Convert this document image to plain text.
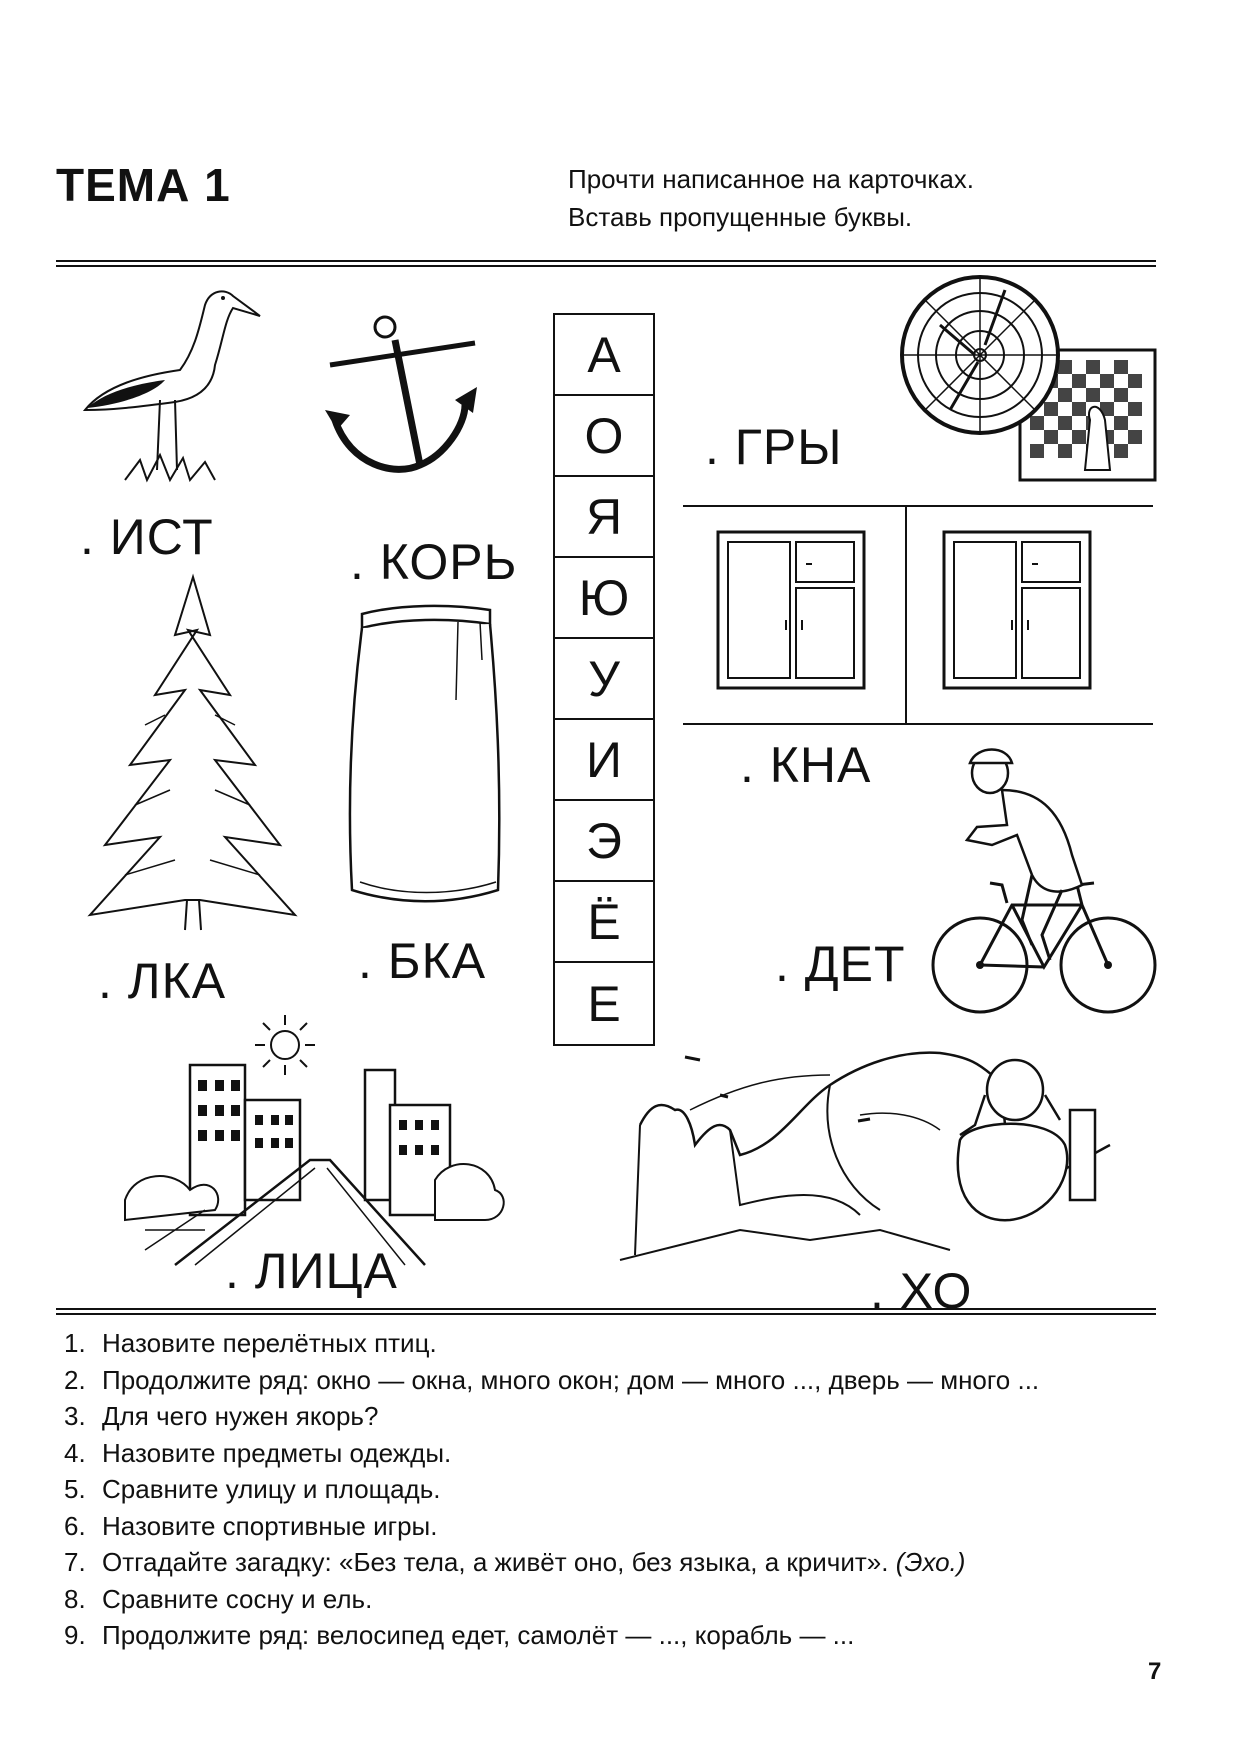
ТЕМА 1	Прочти написанное на карточках.
Вставь пропущенные буквы.
. ИСТ	. КОРЬ
А
О
Я
Ю
У
И
Э
Ё
Е
. ГРЫ
. КНА
. ЛКА	. БКА	. ДЕТ
. ЛИЦА	. ХО
1. Назовите перелётных птиц.
2. Продолжите ряд: окно — окна, много окон; дом — много ..., дверь — много ...
3. Для чего нужен якорь?
4. Назовите предметы одежды.
5. Сравните улицу и площадь.
6. Назовите спортивные игры.
7. Отгадайте загадку: «Без тела, а живёт оно, без языка, а кричит». (Эхо.)
8. Сравните сосну и ель.
9. Продолжите ряд: велосипед едет, самолёт — ..., корабль — ...
7
